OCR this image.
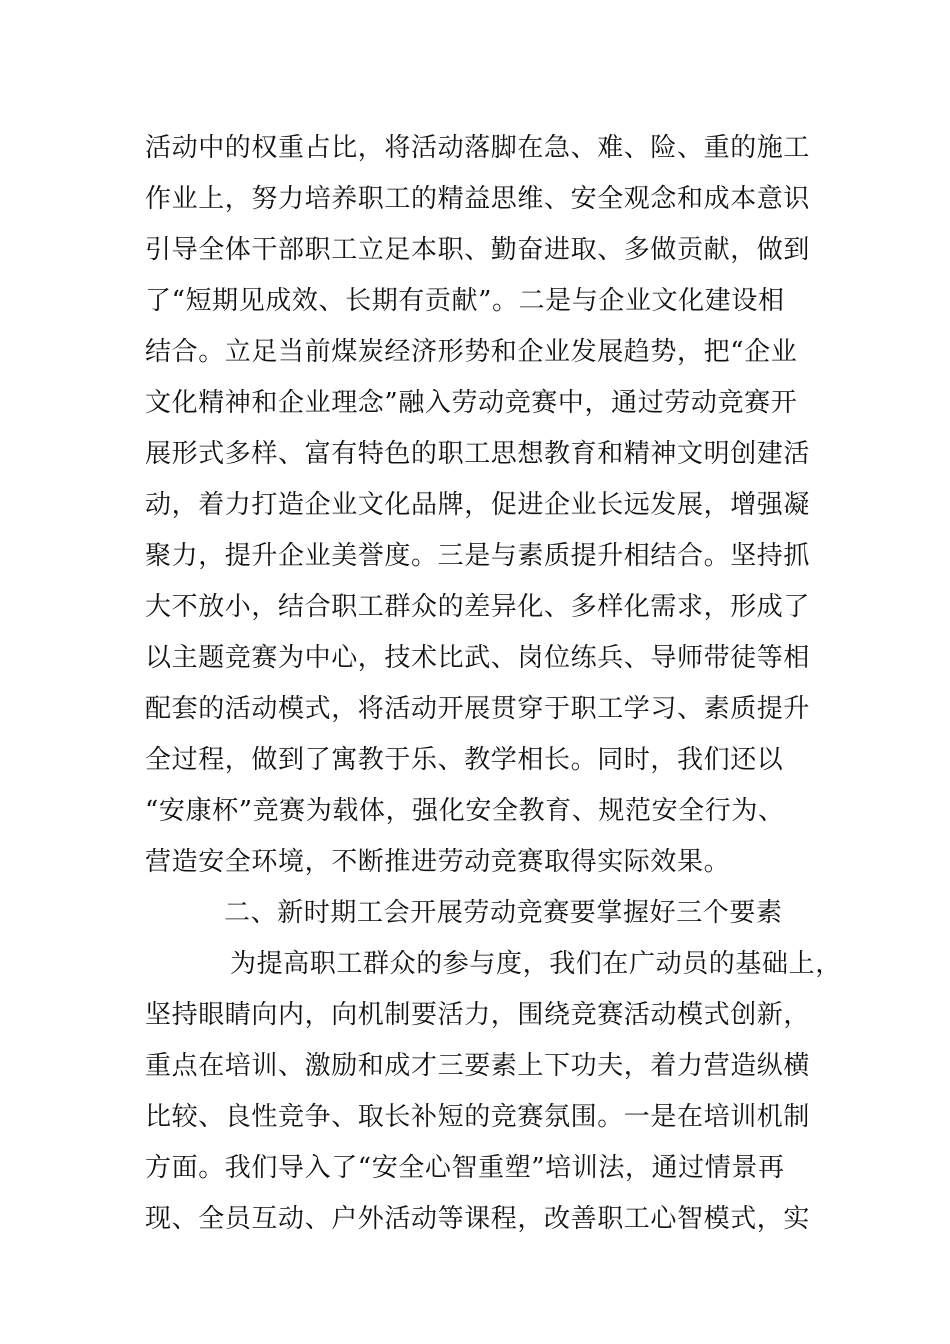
活动中的权重占比，将活动落脚在急、难、险、重的施工
作业上，努力培养职工的精益思维、安全观念和成本意识
引导全体干部职工立足本职、勤奋进取、多做贡献，做到
了“短期见成效、长期有贡献”。二是与企业文化建设相
结合。立足当前煤炭经济形势和企业发展趋势，把“企业
文化精神和企业理念”融入劳动竞赛中，通过劳动竞赛开
展形式多样、富有特色的职工思想教育和精神文明创建活
动，着力打造企业文化品牌，促进企业长远发展，增强凝
聚力，提升企业美誉度。三是与素质提升相结合。坚持抓
大不放小，结合职工群众的差异化、多样化需求，形成了
以主题竞赛为中心，技术比武、岗位练兵、导师带徒等相
配套的活动模式，将活动开展贯穿于职工学习、素质提升
全过程，做到了寓教于乐、教学相长。同时，我们还以
“安康杯”竞赛为载体，强化安全教育、规范安全行为、
营造安全环境，不断推进劳动竞赛取得实际效果。
二、新时期工会开展劳动竞赛要掌握好三个要素
为提高职工群众的参与度，我们在广动员的基础上，
坚持眼睛向内，向机制要活力，围绕竞赛活动模式创新，
重点在培训、激励和成才三要素上下功夫，着力营造纵横
比较、良性竞争、取长补短的竞赛氛围。一是在培训机制
方面。我们导入了“安全心智重塑”培训法，通过情景再
现、全员互动、户外活动等课程，改善职工心智模式，实
